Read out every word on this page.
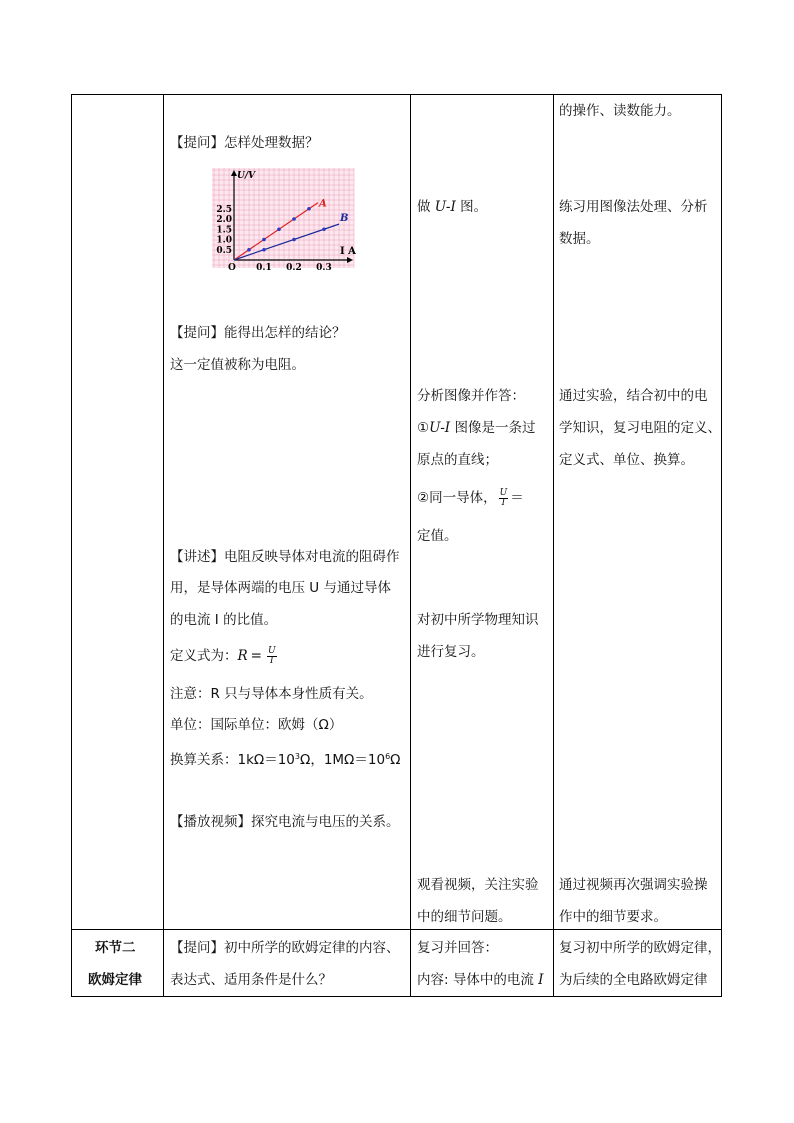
环节二
欧姆定律
【提问】怎样处理数据？
0.5
1.0
1.5
2.0
2.5
0.1 0.2 0.3
O
U/V
I A
A
B
【提问】能得出怎样的结论？
这一定值被称为电阻。
【讲述】电阻反映导体对电流的阻碍作
用，是导体两端的电压 U 与通过导体
的电流 I 的比值。
定义式为：$R = \frac{U}{I}$
注意：R 只与导体本身性质有关。
单位：国际单位：欧姆（Ω）
换算关系：$1k\Omega=10^3\Omega$，$1M\Omega=10^6\Omega$
【播放视频】探究电流与电压的关系。
【提问】初中所学的欧姆定律的内容、
表达式、适用条件是什么？
做 U-I 图。
分析图像并作答：
①U-I 图像是一条过
原点的直线；
②同一导体， $\frac{U}{I}$ ＝
定值。
对初中所学物理知识
进行复习。
观看视频，关注实验
中的细节问题。
复习并回答：
内容: 导体中的电流 I
的操作、读数能力。
练习用图像法处理、分析
数据。
通过实验，结合初中的电
学知识，复习电阻的定义、
定义式、单位、换算。
通过视频再次强调实验操
作中的细节要求。
复习初中所学的欧姆定律，
为后续的全电路欧姆定律
